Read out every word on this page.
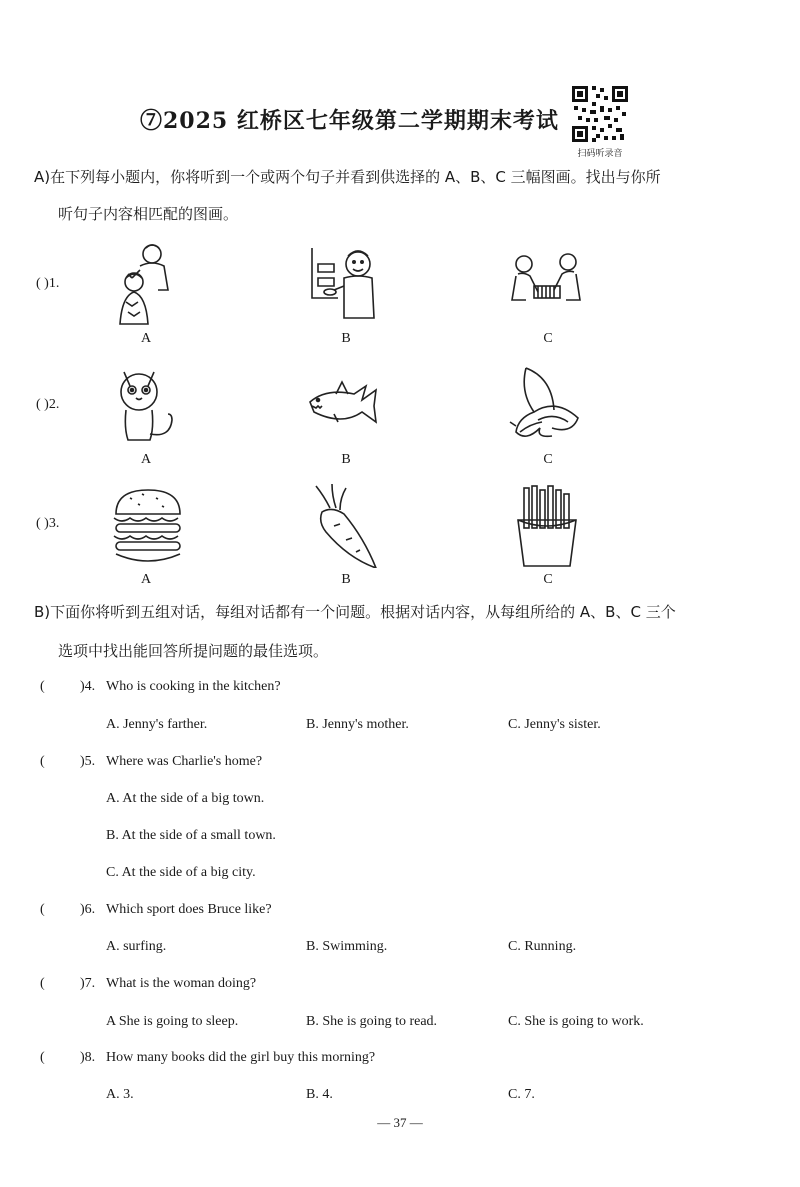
⑦2025 红桥区七年级第二学期期末考试
扫码听录音
A)在下列每小题内，你将听到一个或两个句子并看到供选择的 A、B、C 三幅图画。找出与你所
听句子内容相匹配的图画。
( )1.
A	B	C
( )2.
A	B	C
( )3.
A	B	C
B)下面你将听到五组对话，每组对话都有一个问题。根据对话内容，从每组所给的 A、B、C 三个
选项中找出能回答所提问题的最佳选项。
(	)4. Who is cooking in the kitchen?
A. Jenny's farther.	B. Jenny's mother.	C. Jenny's sister.
(	)5. Where was Charlie's home?
A. At the side of a big town.
B. At the side of a small town.
C. At the side of a big city.
(	)6. Which sport does Bruce like?
A. surfing.	B. Swimming.	C. Running.
(	)7. What is the woman doing?
A She is going to sleep.	B. She is going to read.	C. She is going to work.
(	)8. How many books did the girl buy this morning?
A. 3.	B. 4.	C. 7.
— 37 —
